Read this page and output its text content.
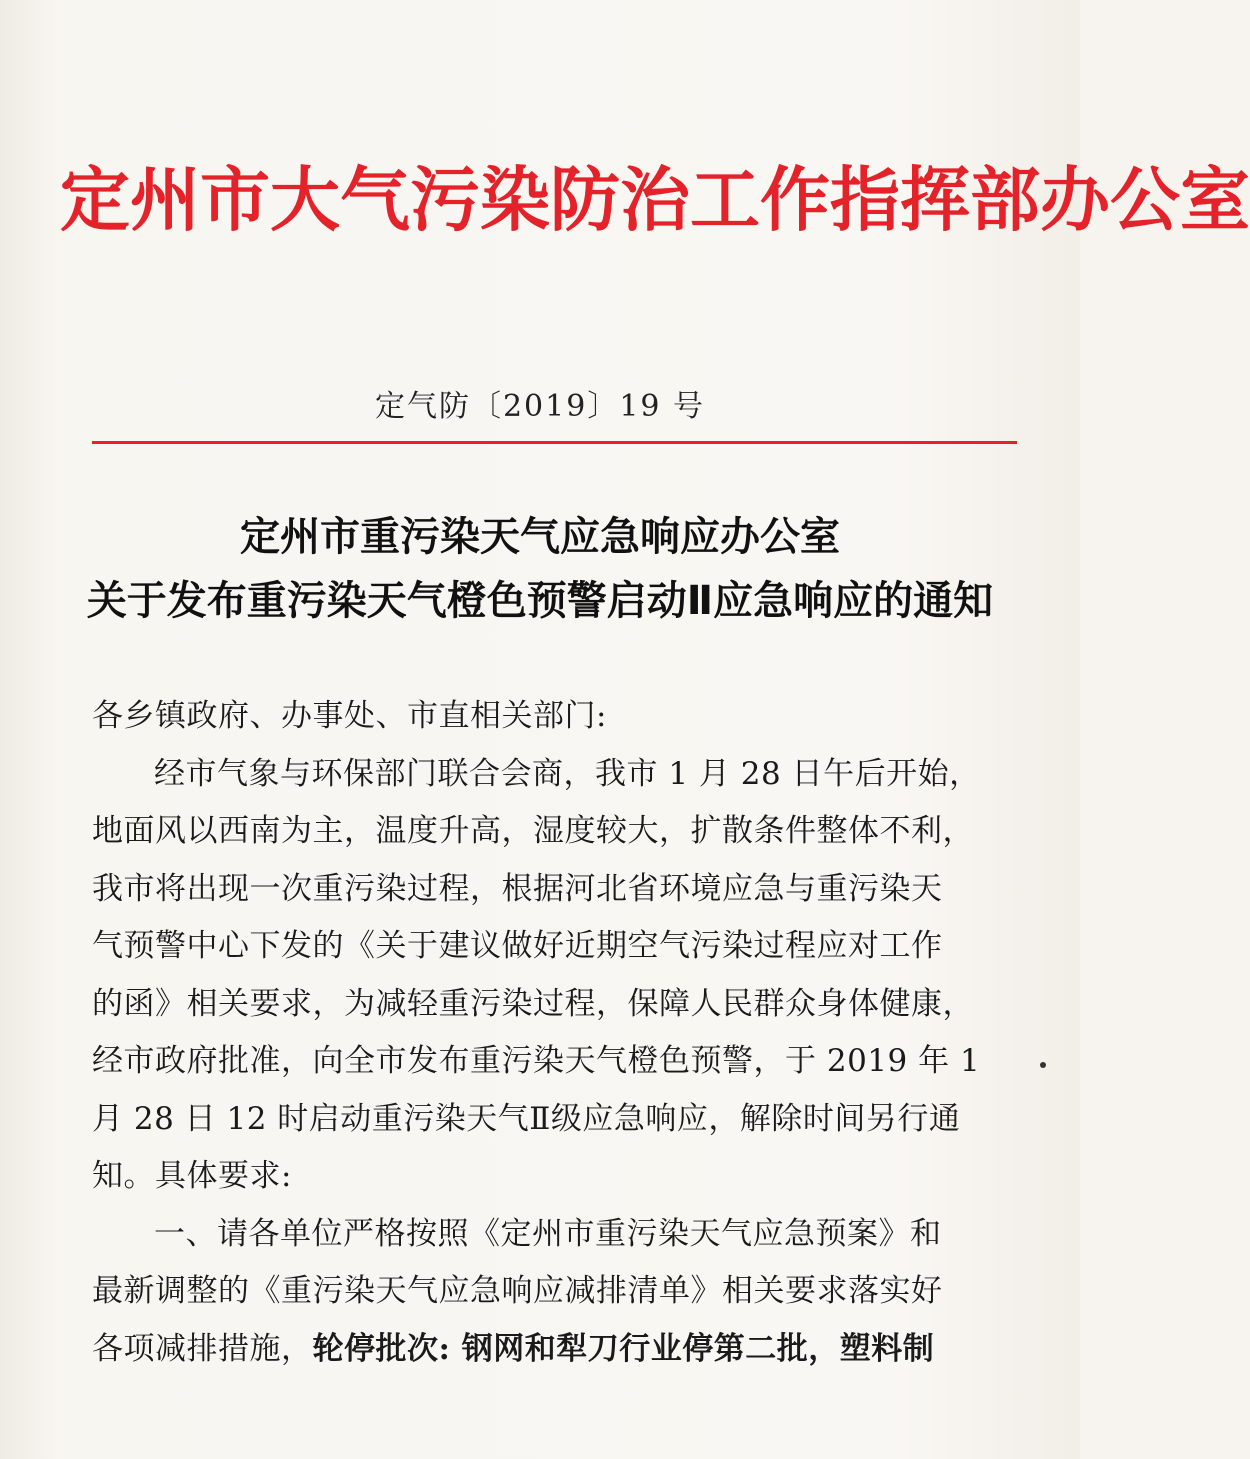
定州市大气污染防治工作指挥部办公室
定气防〔2019〕19 号
定州市重污染天气应急响应办公室
关于发布重污染天气橙色预警启动Ⅱ应急响应的通知
各乡镇政府、办事处、市直相关部门:
经市气象与环保部门联合会商，我市 1 月 28 日午后开始，
地面风以西南为主，温度升高，湿度较大，扩散条件整体不利，
我市将出现一次重污染过程，根据河北省环境应急与重污染天
气预警中心下发的《关于建议做好近期空气污染过程应对工作
的函》相关要求，为减轻重污染过程，保障人民群众身体健康，
经市政府批准，向全市发布重污染天气橙色预警，于 2019 年 1
月 28 日 12 时启动重污染天气Ⅱ级应急响应，解除时间另行通
知。具体要求:
一、请各单位严格按照《定州市重污染天气应急预案》和
最新调整的《重污染天气应急响应减排清单》相关要求落实好
各项减排措施，轮停批次: 钢网和犁刀行业停第二批，塑料制
